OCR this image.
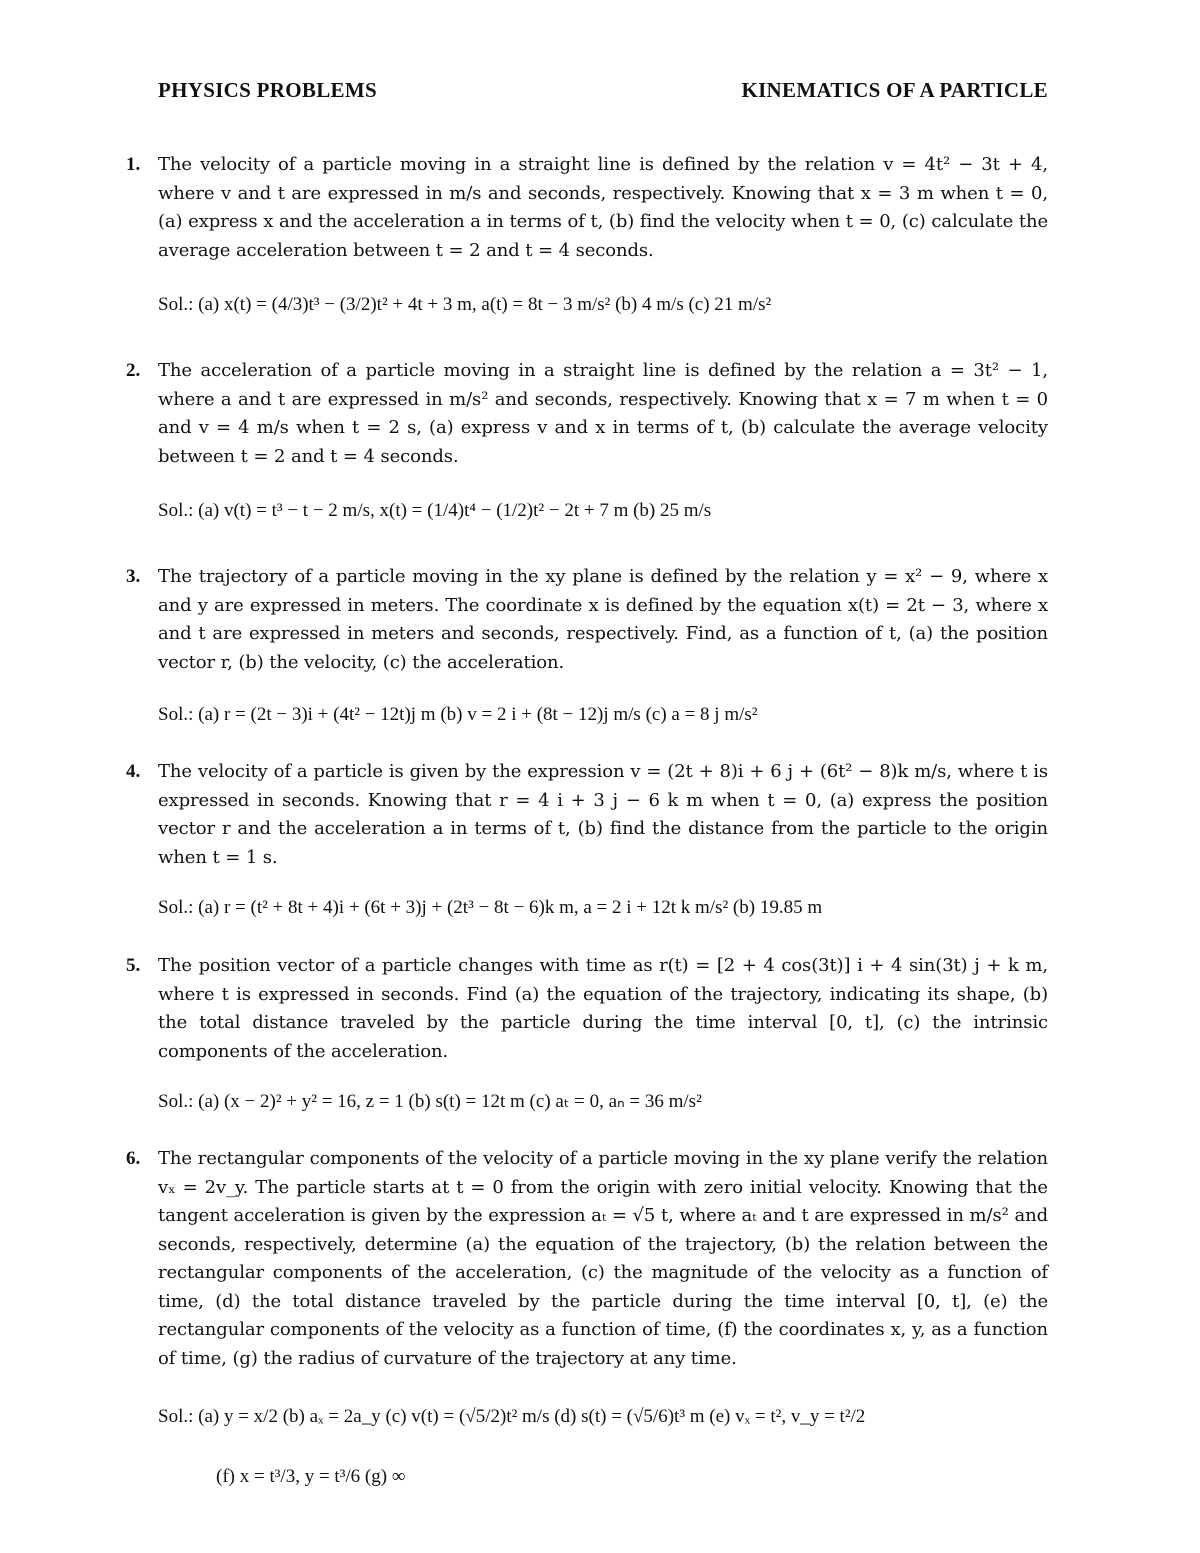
PHYSICS PROBLEMS	KINEMATICS OF A PARTICLE
1. The velocity of a particle moving in a straight line is defined by the relation v = 4t² − 3t + 4, where v and t are expressed in m/s and seconds, respectively. Knowing that x = 3 m when t = 0, (a) express x and the acceleration a in terms of t, (b) find the velocity when t = 0, (c) calculate the average acceleration between t = 2 and t = 4 seconds.

Sol.: (a) x(t) = (4/3)t³ − (3/2)t² + 4t + 3 m, a(t) = 8t − 3 m/s² (b) 4 m/s (c) 21 m/s²
2. The acceleration of a particle moving in a straight line is defined by the relation a = 3t² − 1, where a and t are expressed in m/s² and seconds, respectively. Knowing that x = 7 m when t = 0 and v = 4 m/s when t = 2 s, (a) express v and x in terms of t, (b) calculate the average velocity between t = 2 and t = 4 seconds.

Sol.: (a) v(t) = t³ − t − 2 m/s, x(t) = (1/4)t⁴ − (1/2)t² − 2t + 7 m (b) 25 m/s
3. The trajectory of a particle moving in the xy plane is defined by the relation y = x² − 9, where x and y are expressed in meters. The coordinate x is defined by the equation x(t) = 2t − 3, where x and t are expressed in meters and seconds, respectively. Find, as a function of t, (a) the position vector r, (b) the velocity, (c) the acceleration.

Sol.: (a) r = (2t − 3)i + (4t² − 12t)j m (b) v = 2 i + (8t − 12)j m/s (c) a = 8 j m/s²
4. The velocity of a particle is given by the expression v = (2t + 8)i + 6 j + (6t² − 8)k m/s, where t is expressed in seconds. Knowing that r = 4 i + 3 j − 6 k m when t = 0, (a) express the position vector r and the acceleration a in terms of t, (b) find the distance from the particle to the origin when t = 1 s.

Sol.: (a) r = (t² + 8t + 4)i + (6t + 3)j + (2t³ − 8t − 6)k m, a = 2 i + 12t k m/s² (b) 19.85 m
5. The position vector of a particle changes with time as r(t) = [2 + 4 cos(3t)] i + 4 sin(3t) j + k m, where t is expressed in seconds. Find (a) the equation of the trajectory, indicating its shape, (b) the total distance traveled by the particle during the time interval [0, t], (c) the intrinsic components of the acceleration.

Sol.: (a) (x − 2)² + y² = 16, z = 1 (b) s(t) = 12t m (c) aₜ = 0, aₙ = 36 m/s²
6. The rectangular components of the velocity of a particle moving in the xy plane verify the relation vₓ = 2v_y. The particle starts at t = 0 from the origin with zero initial velocity. Knowing that the tangent acceleration is given by the expression aₜ = √5 t, where aₜ and t are expressed in m/s² and seconds, respectively, determine (a) the equation of the trajectory, (b) the relation between the rectangular components of the acceleration, (c) the magnitude of the velocity as a function of time, (d) the total distance traveled by the particle during the time interval [0, t], (e) the rectangular components of the velocity as a function of time, (f) the coordinates x, y, as a function of time, (g) the radius of curvature of the trajectory at any time.

Sol.: (a) y = x/2 (b) aₓ = 2a_y (c) v(t) = (√5/2)t² m/s (d) s(t) = (√5/6)t³ m (e) vₓ = t², v_y = t²/2
(f) x = t³/3, y = t³/6 (g) ∞
